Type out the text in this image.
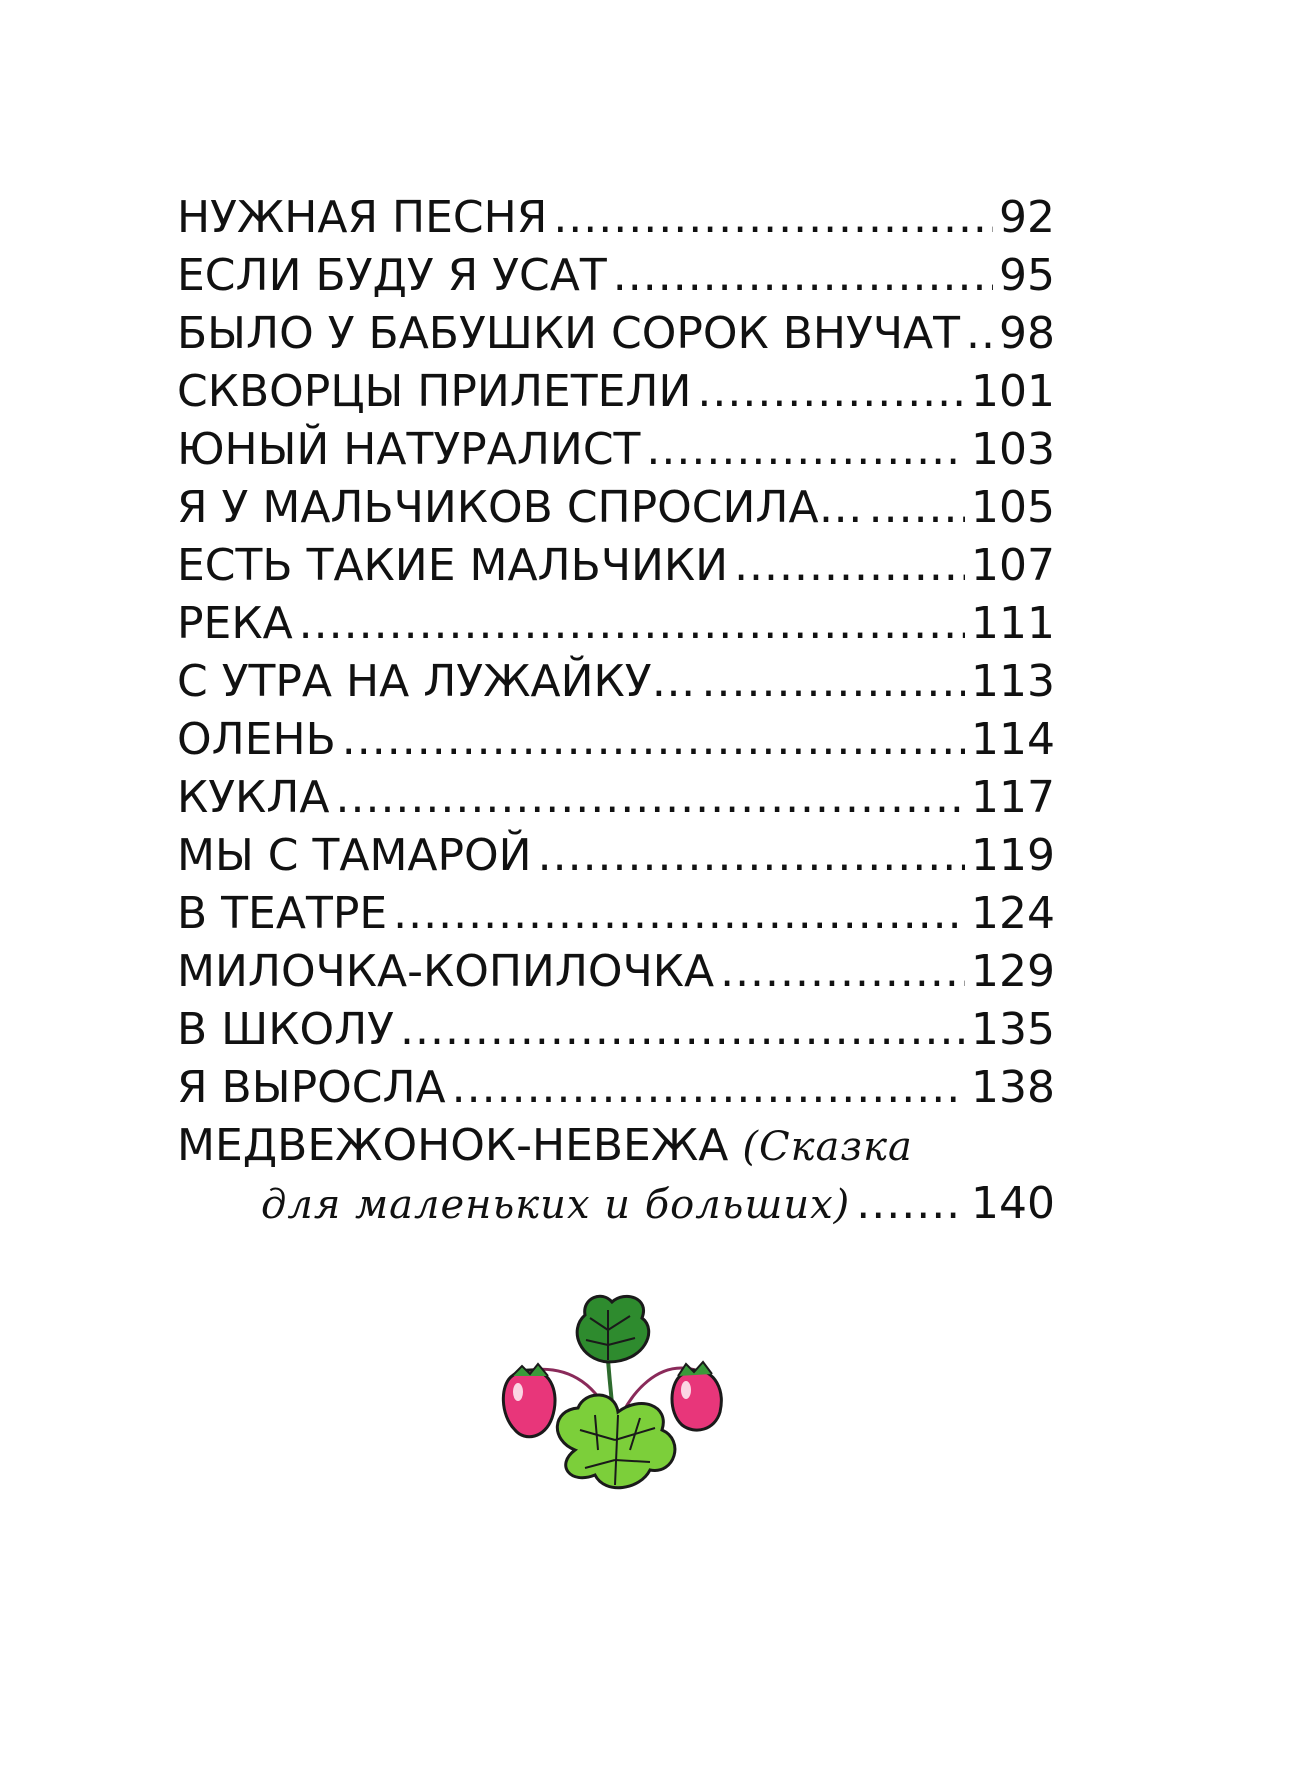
НУЖНАЯ ПЕСНЯ .....	92
ЕСЛИ БУДУ Я УСАТ .....	95
БЫЛО У БАБУШКИ СОРОК ВНУЧАТ ..... 98
СКВОРЦЫ ПРИЛЕТЕЛИ .....	101
ЮНЫЙ НАТУРАЛИСТ .....	103
Я У МАЛЬЧИКОВ СПРОСИЛА… ..... 105
ЕСТЬ ТАКИЕ МАЛЬЧИКИ .....	107
РЕКА .....	111
С УТРА НА ЛУЖАЙКУ… .....	113
ОЛЕНЬ .....	114
КУКЛА .....	117
МЫ С ТАМАРОЙ .....	119
В ТЕАТРЕ .....	124
МИЛОЧКА-КОПИЛОЧКА .....	129
В ШКОЛУ .....	135
Я ВЫРОСЛА .....	138
МЕДВЕЖОНОК-НЕВЕЖА (Сказка
для маленьких и больших) .....	140
